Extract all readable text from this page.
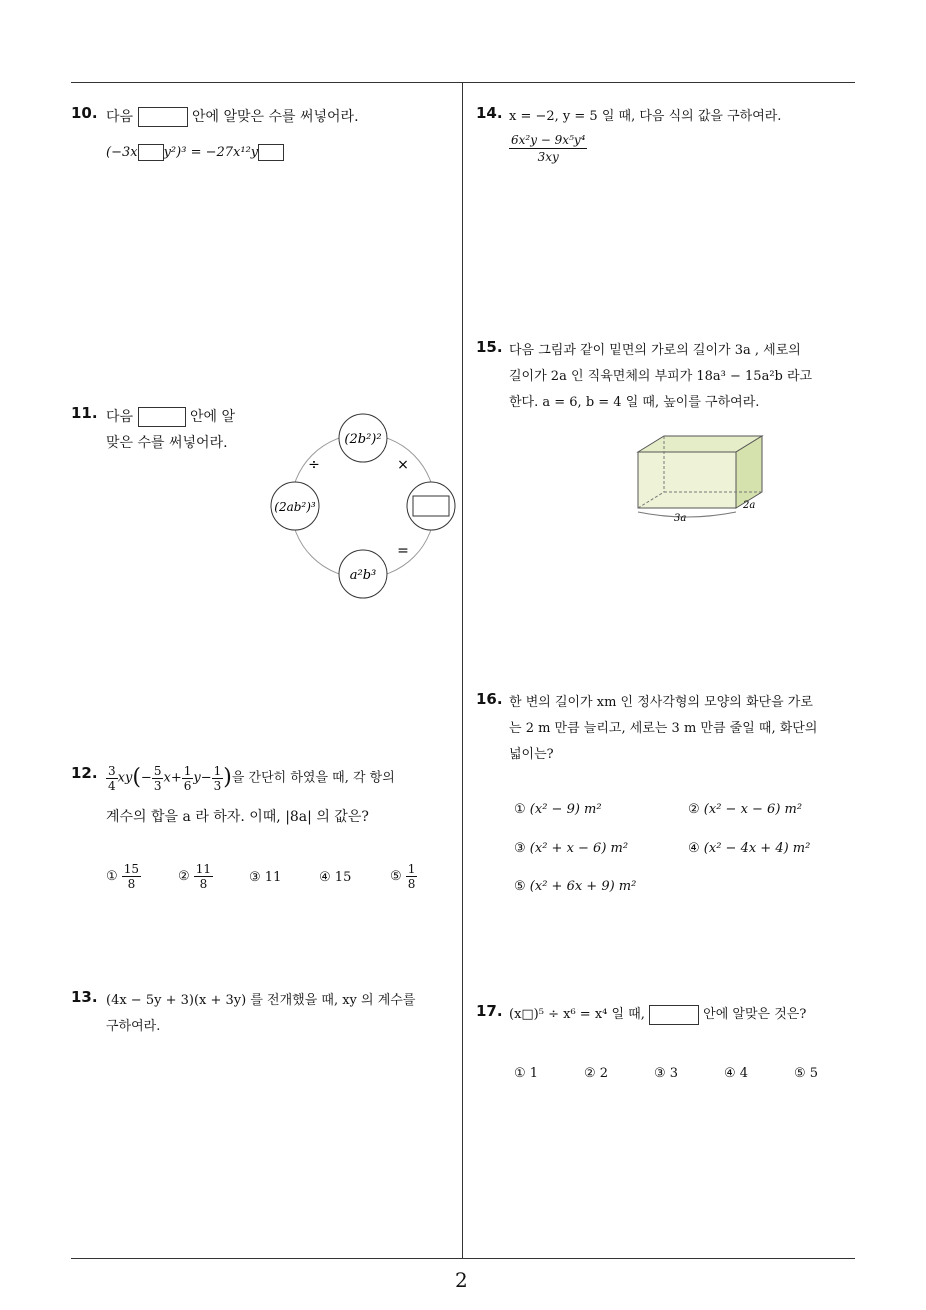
2
10. 다음	안에 알맞은 수를 써넣어라.
(−3x y²)³ = −27x¹²y
11. 다음	안에 알
맞은 수를 써넣어라.	(2b²)²
(2ab²)³
a²b³
÷	×
=
12. $\frac{3}{4} xy(- \frac{5}{3} x+ \frac{1}{6} y- \frac{1}{3}$ )을 간단히 하였을 때, 각 항의
계수의 합을 a 라 하자. 이때, |8a| 의 값은?
① $\frac{15}{8}$	② $\frac{11}{8}$	③ 11	④ 15	⑤ $\frac{1}{8}$
13. (4x − 5y + 3)(x + 3y) 를 전개했을 때, xy 의 계수를
구하여라.
14. x = −2, y = 5 일 때, 다음 식의 값을 구하여라.
6x²y − 9x⁵y⁴
3xy
15. 다음 그림과 같이 밑면의 가로의 길이가 3a , 세로의
길이가 2a 인 직육면체의 부피가 18a³ − 15a²b 라고
한다. a = 6, b = 4 일 때, 높이를 구하여라.
3a
2a
16. 한 변의 길이가 xm 인 정사각형의 모양의 화단을 가로
는 2 m 만큼 늘리고, 세로는 3 m 만큼 줄일 때, 화단의
넓이는?
① (x² − 9) m²	② (x² − x − 6) m²
③ (x² + x − 6) m²	④ (x² − 4x + 4) m²
⑤ (x² + 6x + 9) m²
17. (x□)⁵ ÷ x⁶ = x⁴ 일 때,	안에 알맞은 것은?
① 1	② 2	③ 3	④ 4	⑤ 5
